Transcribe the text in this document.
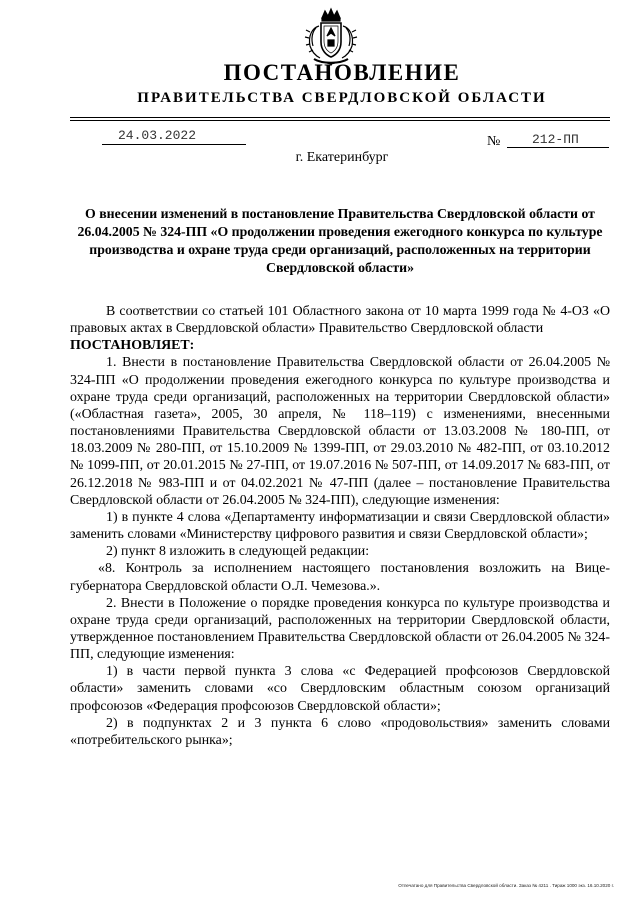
ПОСТАНОВЛЕНИЕ
ПРАВИТЕЛЬСТВА СВЕРДЛОВСКОЙ ОБЛАСТИ
24.03.2022	№ 212-ПП
г. Екатеринбург
О внесении изменений в постановление Правительства Свердловской области от 26.04.2005 № 324-ПП «О продолжении проведения ежегодного конкурса по культуре производства и охране труда среди организаций, расположенных на территории Свердловской области»

В соответствии со статьей 101 Областного закона от 10 марта 1999 года № 4-ОЗ «О правовых актах в Свердловской области» Правительство Свердловской области

ПОСТАНОВЛЯЕТ:

1. Внести в постановление Правительства Свердловской области от 26.04.2005 № 324-ПП «О продолжении проведения ежегодного конкурса по культуре производства и охране труда среди организаций, расположенных на территории Свердловской области» («Областная газета», 2005, 30 апреля, № 118–119) с изменениями, внесенными постановлениями Правительства Свердловской области от 13.03.2008 № 180-ПП, от 18.03.2009 № 280-ПП, от 15.10.2009 № 1399-ПП, от 29.03.2010 № 482-ПП, от 03.10.2012 № 1099-ПП, от 20.01.2015 № 27-ПП, от 19.07.2016 № 507-ПП, от 14.09.2017 № 683-ПП, от 26.12.2018 № 983-ПП и от 04.02.2021 № 47-ПП (далее – постановление Правительства Свердловской области от 26.04.2005 № 324-ПП), следующие изменения:

1) в пункте 4 слова «Департаменту информатизации и связи Свердловской области» заменить словами «Министерству цифрового развития и связи Свердловской области»;

2) пункт 8 изложить в следующей редакции:

«8. Контроль за исполнением настоящего постановления возложить на Вице-губернатора Свердловской области О.Л. Чемезова.».

2. Внести в Положение о порядке проведения конкурса по культуре производства и охране труда среди организаций, расположенных на территории Свердловской области, утвержденное постановлением Правительства Свердловской области от 26.04.2005 № 324-ПП, следующие изменения:

1) в части первой пункта 3 слова «с Федерацией профсоюзов Свердловской области» заменить словами «со Свердловским областным союзом организаций профсоюзов «Федерация профсоюзов Свердловской области»;

2) в подпунктах 2 и 3 пункта 6 слово «продовольствия» заменить словами «потребительского рынка»;

Отпечатано для Правительства Свердловской области. Заказ № 4211 . Тираж 1000 экз. 16.10.2020 г.
